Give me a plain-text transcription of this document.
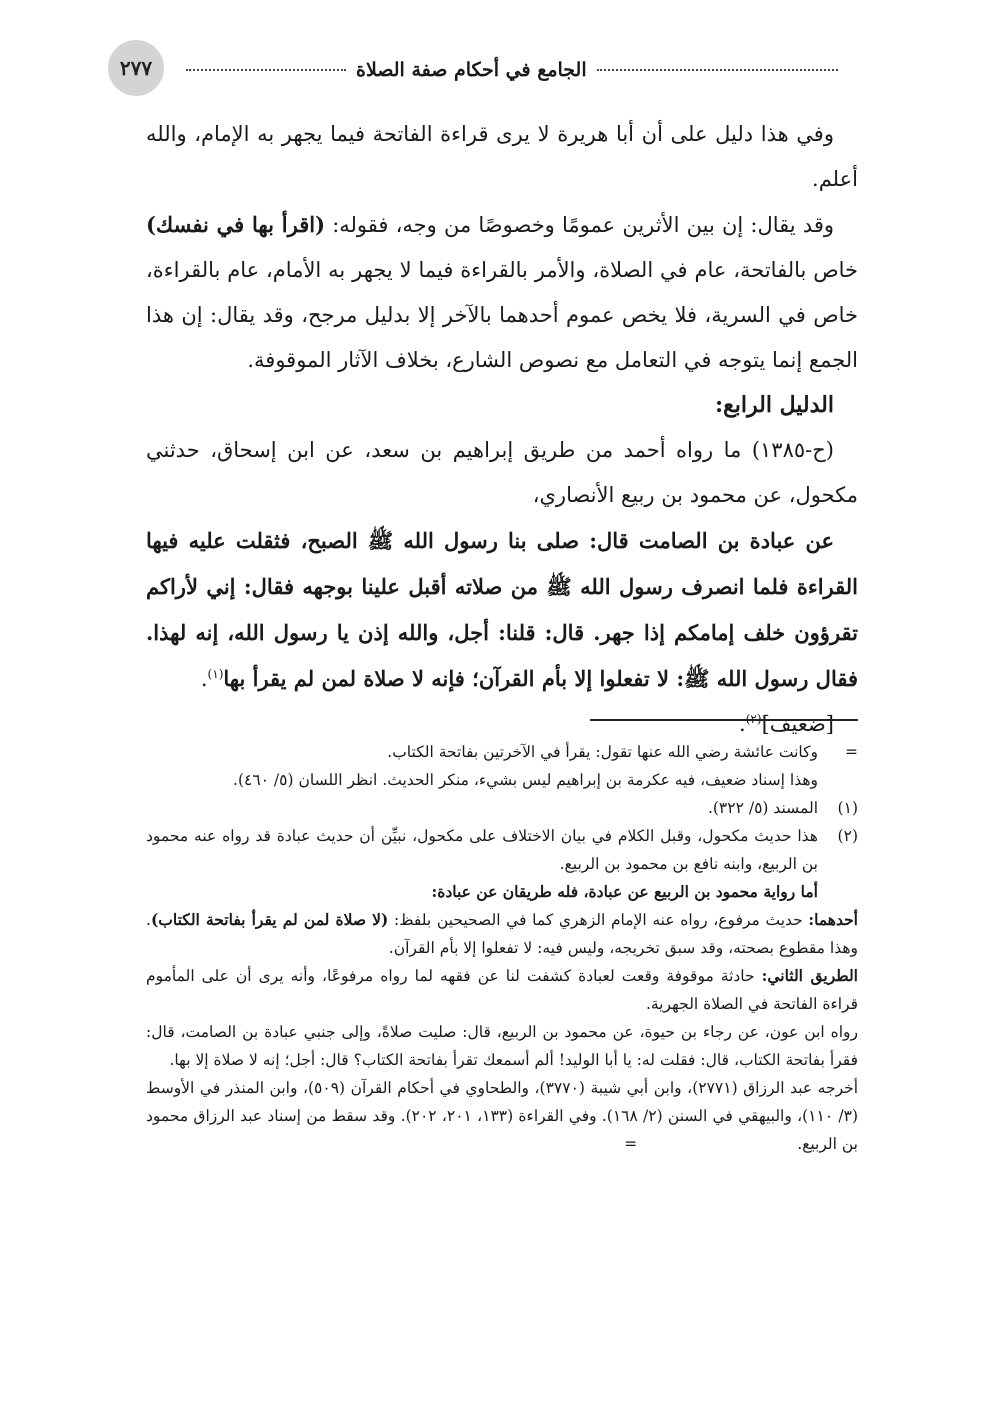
٢٧٧	الجامع في أحكام صفة الصلاة

وفي هذا دليل على أن أبا هريرة لا يرى قراءة الفاتحة فيما يجهر به الإمام، والله أعلم.

وقد يقال: إن بين الأثرين عمومًا وخصوصًا من وجه، فقوله: (اقرأ بها في نفسك) خاص بالفاتحة، عام في الصلاة، والأمر بالقراءة فيما لا يجهر به الأمام، عام بالقراءة، خاص في السرية، فلا يخص عموم أحدهما بالآخر إلا بدليل مرجح، وقد يقال: إن هذا الجمع إنما يتوجه في التعامل مع نصوص الشارع، بخلاف الآثار الموقوفة.

الدليل الرابع:

(ح-١٣٨٥) ما رواه أحمد من طريق إبراهيم بن سعد، عن ابن إسحاق، حدثني مكحول، عن محمود بن ربيع الأنصاري،

عن عبادة بن الصامت قال: صلى بنا رسول الله ﷺ الصبح، فثقلت عليه فيها القراءة فلما انصرف رسول الله ﷺ من صلاته أقبل علينا بوجهه فقال: إني لأراكم تقرؤون خلف إمامكم إذا جهر. قال: قلنا: أجل، والله إذن يا رسول الله، إنه لهذا. فقال رسول الله ﷺ: لا تفعلوا إلا بأم القرآن؛ فإنه لا صلاة لمن لم يقرأ بها$^{(١)}$.

[ضعيف]$^{(٢)}$.

=
وكانت عائشة رضي الله عنها تقول: يقرأ في الآخرتين بفاتحة الكتاب.

وهذا إسناد ضعيف، فيه عكرمة بن إبراهيم ليس بشيء، منكر الحديث. انظر اللسان (٥/ ٤٦٠).

(١)
المسند (٥/ ٣٢٢).
(٢)
هذا حديث مكحول، وقبل الكلام في بيان الاختلاف على مكحول، نبيِّن أن حديث عبادة قد رواه عنه محمود بن الربيع، وابنه نافع بن محمود بن الربيع.

أما رواية محمود بن الربيع عن عبادة، فله طريقان عن عبادة:

أحدهما: حديث مرفوع، رواه عنه الإمام الزهري كما في الصحيحين بلفظ: (لا صلاة لمن لم يقرأ بفاتحة الكتاب). وهذا مقطوع بصحته، وقد سبق تخريجه، وليس فيه: لا تفعلوا إلا بأم القرآن.

الطريق الثاني: حادثة موقوفة وقعت لعبادة كشفت لنا عن فقهه لما رواه مرفوعًا، وأنه يرى أن على المأموم قراءة الفاتحة في الصلاة الجهرية.

رواه ابن عون، عن رجاء بن حيوة، عن محمود بن الربيع، قال: صليت صلاةً، وإلى جنبي عبادة بن الصامت، قال: فقرأ بفاتحة الكتاب، قال: فقلت له: يا أبا الوليد! ألم أسمعك تقرأ بفاتحة الكتاب؟ قال: أجل؛ إنه لا صلاة إلا بها.

أخرجه عبد الرزاق (٢٧٧١)، وابن أبي شيبة (٣٧٧٠)، والطحاوي في أحكام القرآن (٥٠٩)، وابن المنذر في الأوسط (٣/ ١١٠)، والبيهقي في السنن (٢/ ١٦٨). وفي القراءة (١٣٣، ٢٠١، ٢٠٢). وقد سقط من إسناد عبد الرزاق محمود بن الربيع.=
